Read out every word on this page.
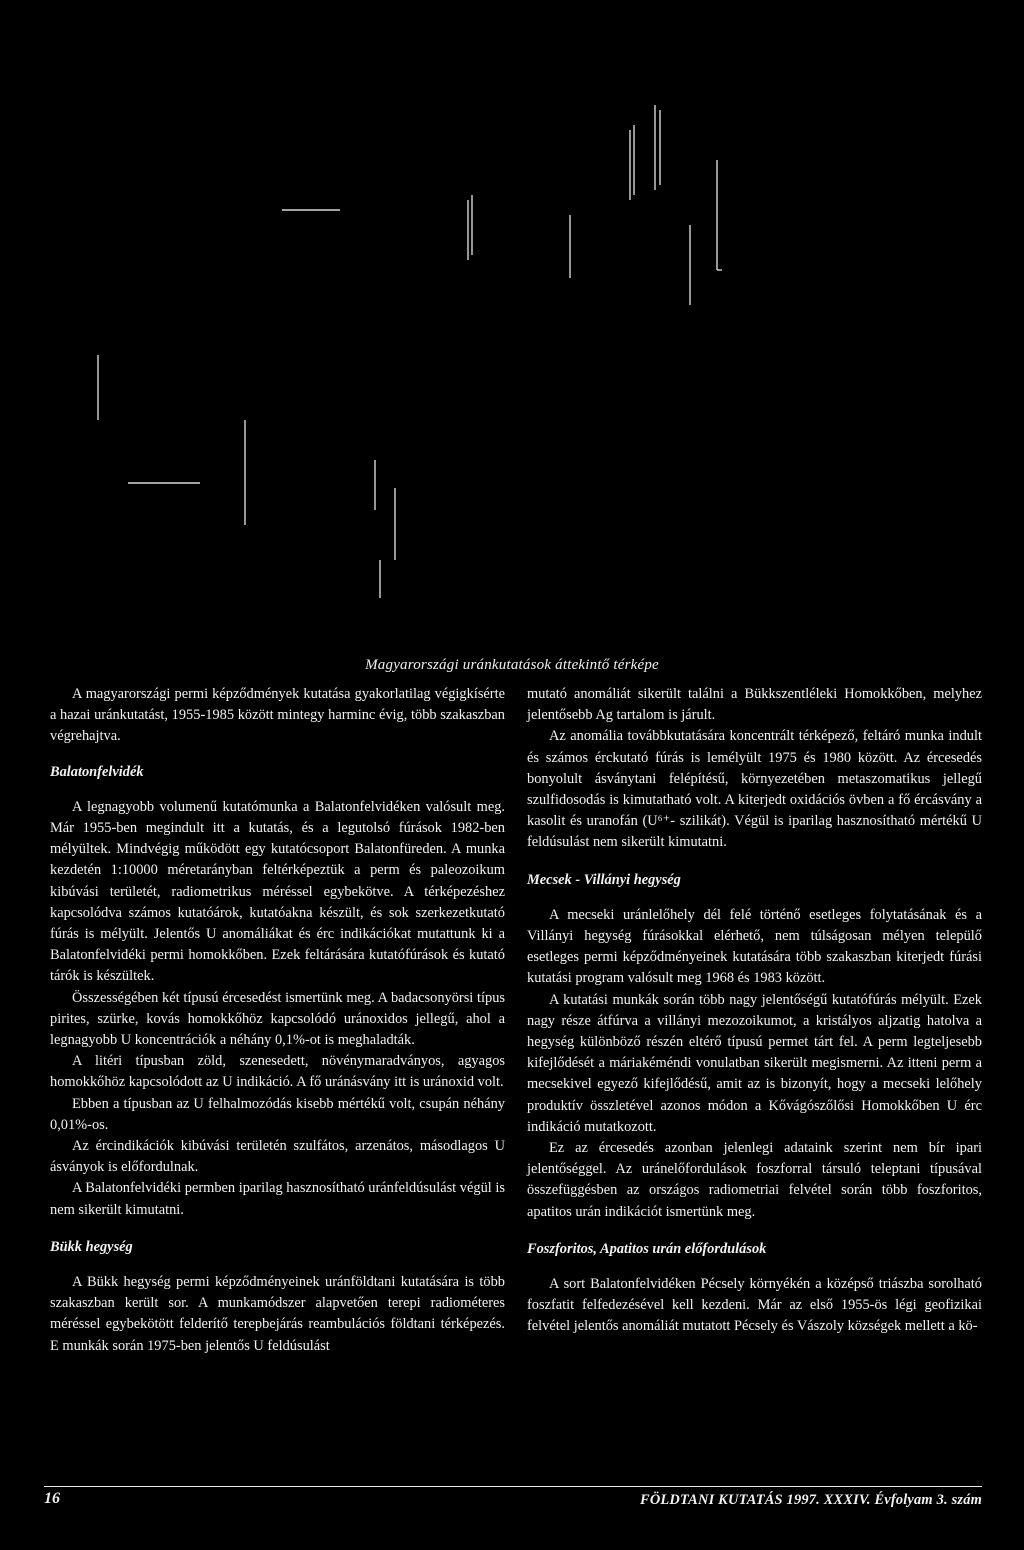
Magyarországi uránkutatások áttekintő térképe

A magyarországi permi képződmények kutatása gyakorlatilag végigkísérte a hazai uránkutatást, 1955-1985 között mintegy harminc évig, több szakaszban végrehajtva.

Balatonfelvidék

A legnagyobb volumenű kutatómunka a Balatonfelvidéken valósult meg. Már 1955-ben megindult itt a kutatás, és a legutolsó fúrások 1982-ben mélyültek. Mindvégig működött egy kutatócsoport Balatonfüreden. A munka kezdetén 1:10000 méretarányban feltérképeztük a perm és paleozoikum kibúvási területét, radiometrikus méréssel egybekötve. A térképezéshez kapcsolódva számos kutatóárok, kutatóakna készült, és sok szerkezetkutató fúrás is mélyült. Jelentős U anomáliákat és érc indikációkat mutattunk ki a Balatonfelvidéki permi homokkőben. Ezek feltárására kutatófúrások és kutató tárók is készültek.

Összességében két típusú ércesedést ismertünk meg. A badacsonyörsi típus pirites, szürke, kovás homokkőhöz kapcsolódó uránoxidos jellegű, ahol a legnagyobb U koncentrációk a néhány 0,1%-ot is meghaladták.

A litéri típusban zöld, szenesedett, növénymaradványos, agyagos homokkőhöz kapcsolódott az U indikáció. A fő uránásvány itt is uránoxid volt.

Ebben a típusban az U felhalmozódás kisebb mértékű volt, csupán néhány 0,01%-os.

Az ércindikációk kibúvási területén szulfátos, arzenátos, másodlagos U ásványok is előfordulnak.

A Balatonfelvidéki permben iparilag hasznosítható uránfeldúsulást végül is nem sikerült kimutatni.

Bükk hegység

A Bükk hegység permi képződményeinek uránföldtani kutatására is több szakaszban került sor. A munkamódszer alapvetően terepi radiométeres méréssel egybekötött felderítő terepbejárás reambulációs földtani térképezés. E munkák során 1975-ben jelentős U feldúsulást

mutató anomáliát sikerült találni a Bükkszentléleki Homokkőben, melyhez jelentősebb Ag tartalom is járult.

Az anomália továbbkutatására koncentrált térképező, feltáró munka indult és számos érckutató fúrás is lemélyült 1975 és 1980 között. Az ércesedés bonyolult ásványtani felépítésű, környezetében metaszomatikus jellegű szulfidosodás is kimutatható volt. A kiterjedt oxidációs övben a fő ércásvány a kasolit és uranofán (U⁶⁺- szilikát). Végül is iparilag hasznosítható mértékű U feldúsulást nem sikerült kimutatni.

Mecsek - Villányi hegység

A mecseki uránlelőhely dél felé történő esetleges folytatásának és a Villányi hegység fúrásokkal elérhető, nem túlságosan mélyen települő esetleges permi képződményeinek kutatására több szakaszban kiterjedt fúrási kutatási program valósult meg 1968 és 1983 között.

A kutatási munkák során több nagy jelentőségű kutatófúrás mélyült. Ezek nagy része átfúrva a villányi mezozoikumot, a kristályos aljzatig hatolva a hegység különböző részén eltérő típusú permet tárt fel. A perm legteljesebb kifejlődését a máriakéméndi vonulatban sikerült megismerni. Az itteni perm a mecsekivel egyező kifejlődésű, amit az is bizonyít, hogy a mecseki lelőhely produktív összletével azonos módon a Kővágószőlősi Homokkőben U érc indikáció mutatkozott.

Ez az ércesedés azonban jelenlegi adataink szerint nem bír ipari jelentőséggel. Az uránelőfordulások foszforral társuló teleptani típusával összefüggésben az országos radiometriai felvétel során több foszforitos, apatitos urán indikációt ismertünk meg.

Foszforitos, Apatitos urán előfordulások

A sort Balatonfelvidéken Pécsely környékén a középső triászba sorolható foszfatit felfedezésével kell kezdeni. Már az első 1955-ös légi geofizikai felvétel jelentős anomáliát mutatott Pécsely és Vászoly községek mellett a kö-

16	FÖLDTANI KUTATÁS 1997. XXXIV. Évfolyam 3. szám
